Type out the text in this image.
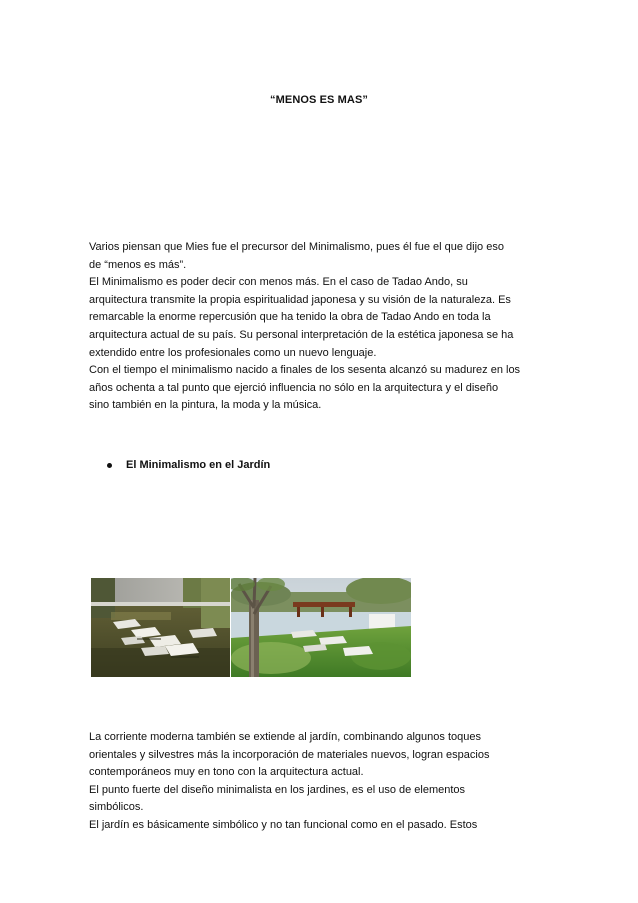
“MENOS ES MAS”
Varios piensan que Mies fue el precursor del Minimalismo, pues él fue el que dijo eso
de “menos es más”.
El Minimalismo es poder decir con menos más. En el caso de Tadao Ando, su
arquitectura transmite la propia espiritualidad japonesa y su visión de la naturaleza. Es
remarcable la enorme repercusión que ha tenido la obra de Tadao Ando en toda la
arquitectura actual de su país. Su personal interpretación de la estética japonesa se ha
extendido entre los profesionales como un nuevo lenguaje.
Con el tiempo el minimalismo nacido a finales de los sesenta alcanzó su madurez en los
años ochenta a tal punto que ejerció influencia no sólo en la arquitectura y el diseño
sino también en la pintura, la moda y la música.
El Minimalismo en el Jardín
La corriente moderna también se extiende al jardín, combinando algunos toques
orientales y silvestres más la incorporación de materiales nuevos, logran espacios
contemporáneos muy en tono con la arquitectura actual.
El punto fuerte del diseño minimalista en los jardines, es el uso de elementos
simbólicos.
El jardín es básicamente simbólico y no tan funcional como en el pasado. Estos
